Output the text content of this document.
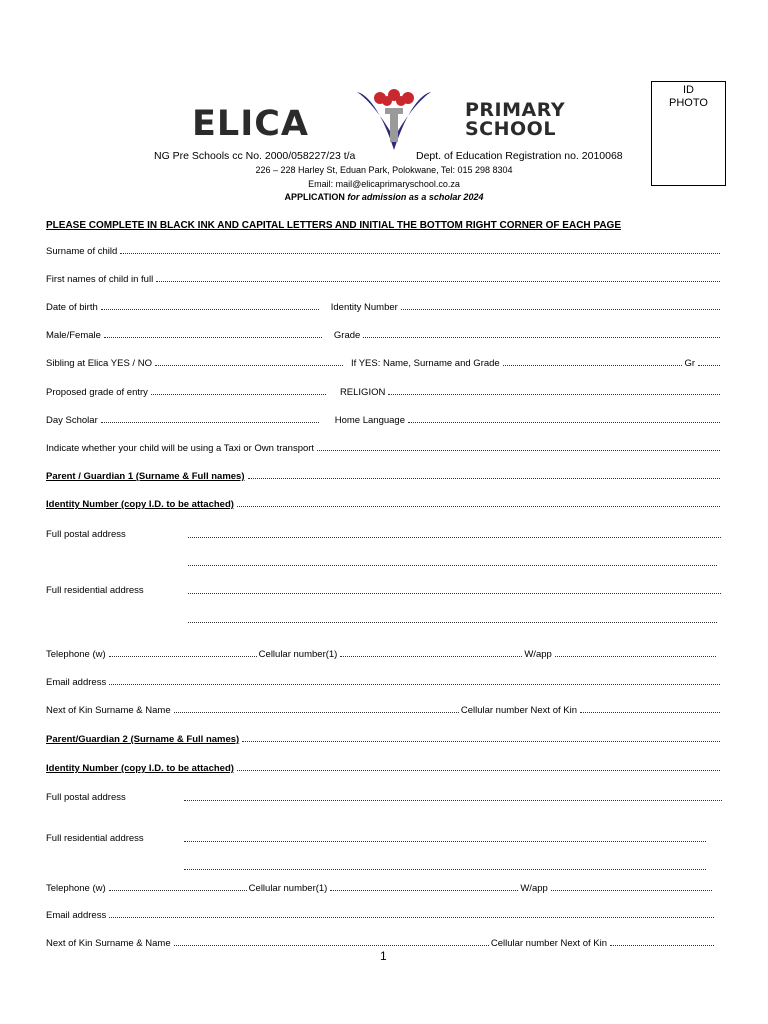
ELICA	PRIMARY
SCHOOL
ID
PHOTO
NG Pre Schools cc No. 2000/058227/23 t/a	Dept. of Education Registration no. 2010068
226 – 228 Harley St, Eduan Park, Polokwane, Tel: 015 298 8304
Email: mail@elicaprimaryschool.co.za
APPLICATION for admission as a scholar 2024
PLEASE COMPLETE IN BLACK INK AND CAPITAL LETTERS AND INITIAL THE BOTTOM RIGHT CORNER OF EACH PAGE
Surname of child
First names of child in full
Date of birth	Identity Number
Male/Female	Grade
Sibling at Elica YES / NO	If YES: Name, Surname and Grade	Gr
Proposed grade of entry	RELIGION
Day Scholar	Home Language
Indicate whether your child will be using a Taxi or Own transport
Parent / Guardian 1 (Surname & Full names)
Identity Number (copy I.D. to be attached)
Full postal address
Full residential address
Telephone (w)	Cellular number(1)	W/app
Email address
Next of Kin Surname & Name	Cellular number Next of Kin
Parent/Guardian 2 (Surname & Full names)
Identity Number (copy I.D. to be attached)
Full postal address
Full residential address
Telephone (w)	Cellular number(1)	W/app
Email address
Next of Kin Surname & Name	Cellular number Next of Kin
1
